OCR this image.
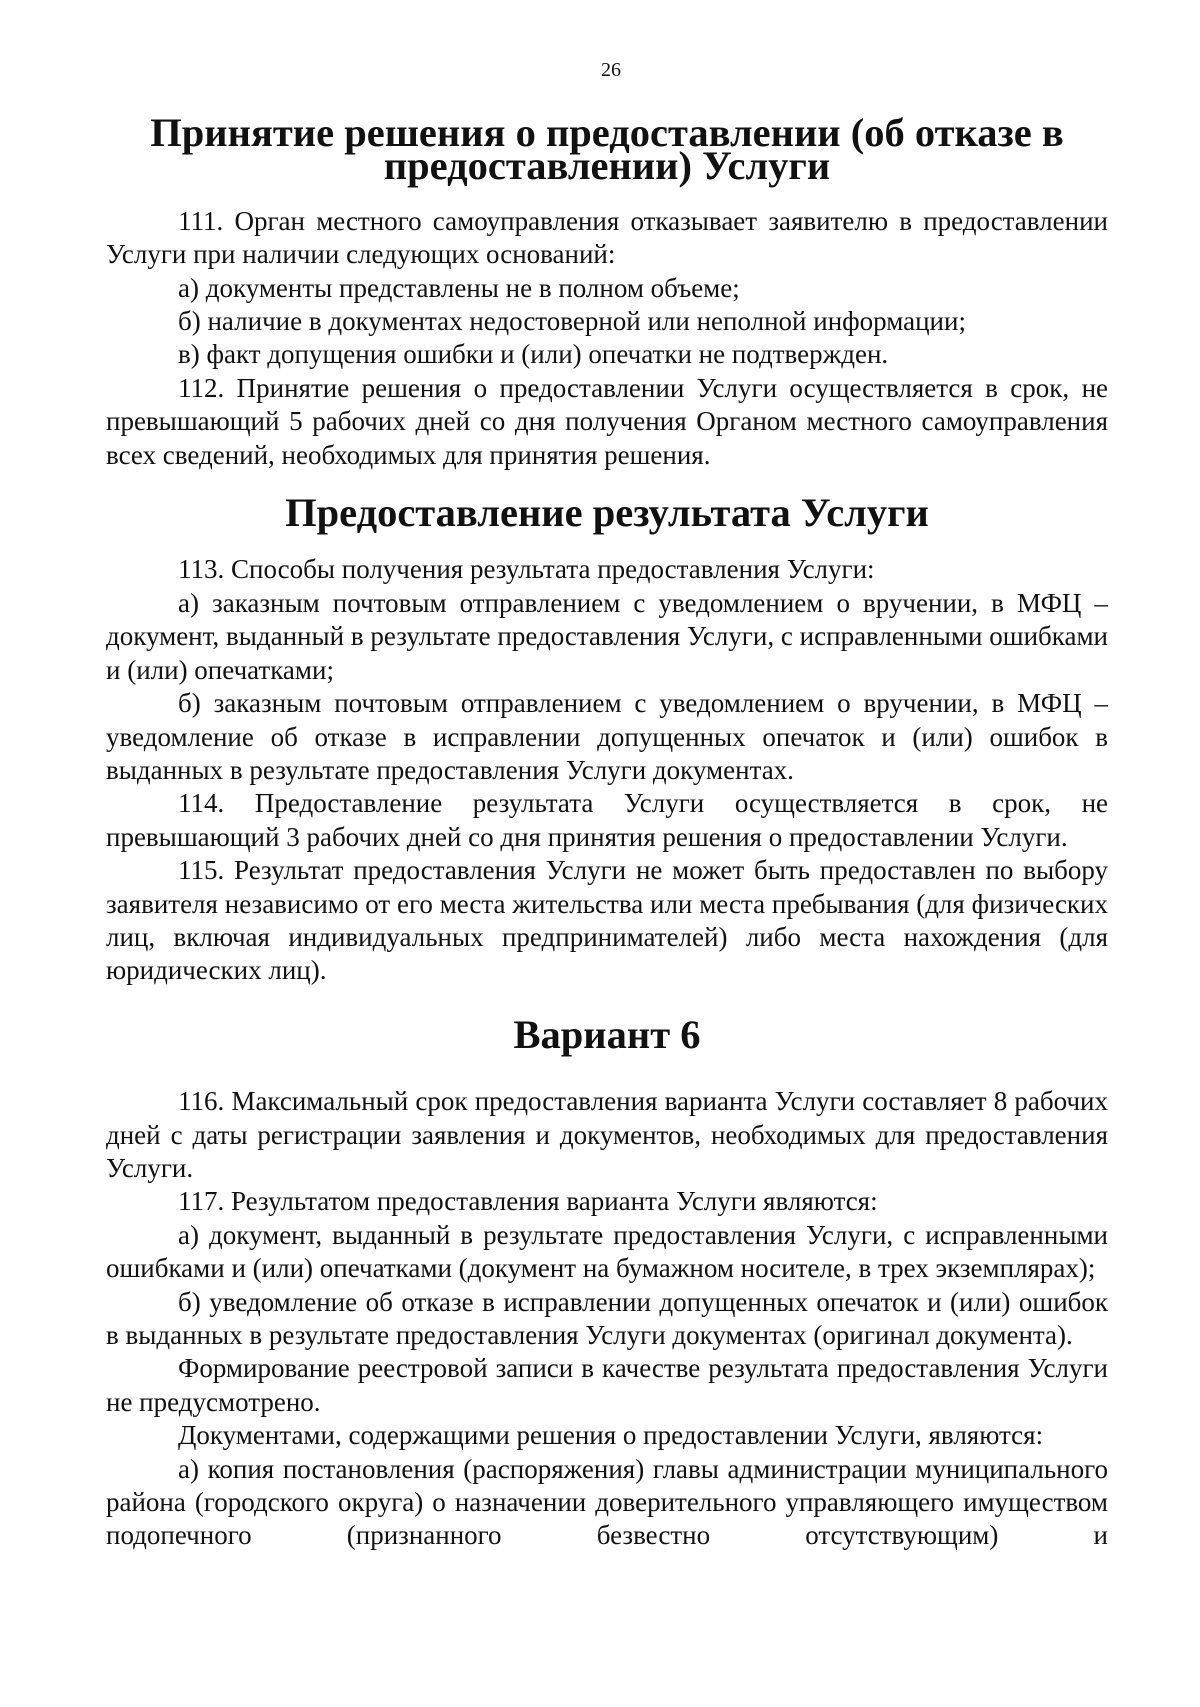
26
Принятие решения о предоставлении (об отказе в предоставлении) Услуги

111. Орган местного самоуправления отказывает заявителю в предоставлении Услуги при наличии следующих оснований:

а) документы представлены не в полном объеме;

б) наличие в документах недостоверной или неполной информации;

в) факт допущения ошибки и (или) опечатки не подтвержден.

112. Принятие решения о предоставлении Услуги осуществляется в срок, не превышающий 5 рабочих дней со дня получения Органом местного самоуправления всех сведений, необходимых для принятия решения.

Предоставление результата Услуги

113. Способы получения результата предоставления Услуги:

а) заказным почтовым отправлением с уведомлением о вручении, в МФЦ – документ, выданный в результате предоставления Услуги, с исправленными ошибками и (или) опечатками;

б) заказным почтовым отправлением с уведомлением о вручении, в МФЦ – уведомление об отказе в исправлении допущенных опечаток и (или) ошибок в выданных в результате предоставления Услуги документах.

114. Предоставление результата Услуги осуществляется в срок, не превышающий 3 рабочих дней со дня принятия решения о предоставлении Услуги.

115. Результат предоставления Услуги не может быть предоставлен по выбору заявителя независимо от его места жительства или места пребывания (для физических лиц, включая индивидуальных предпринимателей) либо места нахождения (для юридических лиц).

Вариант 6

116. Максимальный срок предоставления варианта Услуги составляет 8 рабочих дней с даты регистрации заявления и документов, необходимых для предоставления Услуги.

117. Результатом предоставления варианта Услуги являются:

а) документ, выданный в результате предоставления Услуги, с исправленными ошибками и (или) опечатками (документ на бумажном носителе, в трех экземплярах);

б) уведомление об отказе в исправлении допущенных опечаток и (или) ошибок в выданных в результате предоставления Услуги документах (оригинал документа).

Формирование реестровой записи в качестве результата предоставления Услуги не предусмотрено.

Документами, содержащими решения о предоставлении Услуги, являются:

а) копия постановления (распоряжения) главы администрации муниципального района (городского округа) о назначении доверительного управляющего имуществом подопечного (признанного безвестно отсутствующим) и
